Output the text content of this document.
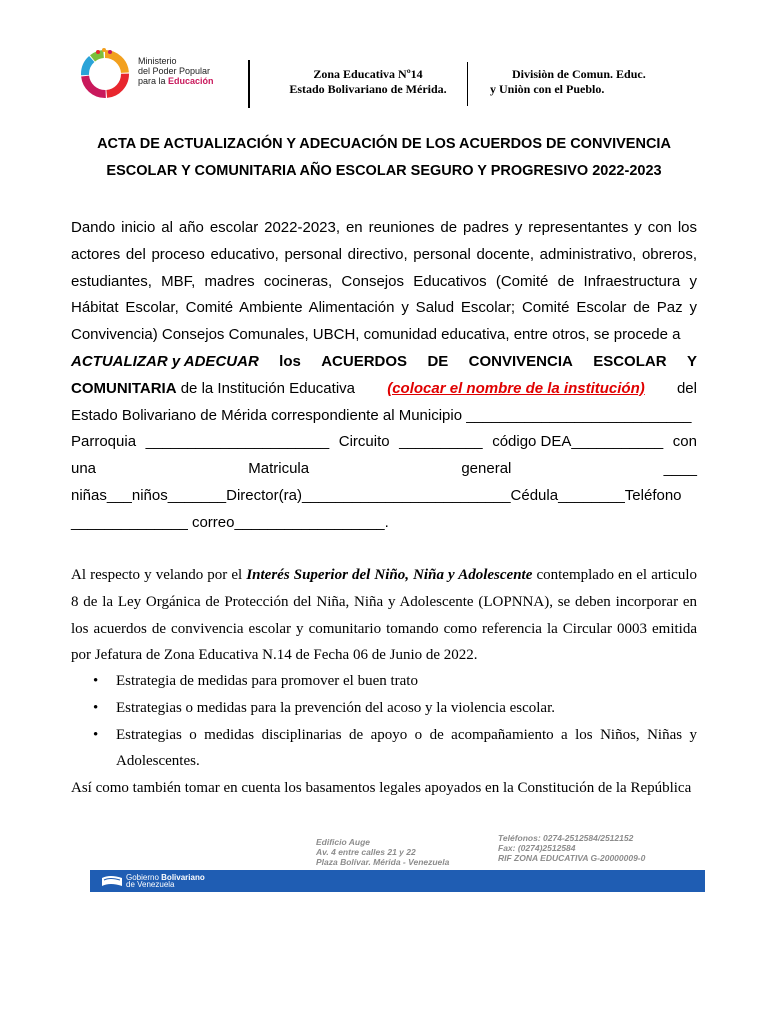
Ministerio
del Poder Popular
para la Educación	Zona Educativa Nº14
Estado Bolivariano de Mérida.
Divisiòn de Comun. Educ.
y Uniòn con el Pueblo.
ACTA DE ACTUALIZACIÓN Y ADECUACIÓN DE LOS ACUERDOS DE CONVIVENCIA
ESCOLAR Y COMUNITARIA AÑO ESCOLAR SEGURO Y PROGRESIVO 2022-2023
Dando inicio al año escolar 2022-2023, en reuniones de padres y representantes y con los actores del proceso educativo, personal directivo, personal docente, administrativo, obreros, estudiantes, MBF, madres cocineras, Consejos Educativos (Comité de Infraestructura y Hábitat Escolar, Comité Ambiente Alimentación y Salud Escolar; Comité Escolar de Paz y Convivencia) Consejos Comunales, UBCH, comunidad educativa, entre otros, se procede a
ACTUALIZAR y ADECUAR los ACUERDOS DE CONVIVENCIA ESCOLAR Y
COMUNITARIA de la Institución Educativa (colocar el nombre de la institución) del
Estado Bolivariano de Mérida correspondiente al Municipio ___________________________
Parroquia ______________________ Circuito __________ código DEA___________ con
una	Matricula	general	____
niñas___niños_______Director(ra)_________________________Cédula________Teléfono
______________ correo__________________.
Al respecto y velando por el Interés Superior del Niño, Niña y Adolescente contemplado en el articulo 8 de la Ley Orgánica de Protección del Niña, Niña y Adolescente (LOPNNA), se deben incorporar en los acuerdos de convivencia escolar y comunitario tomando como referencia la Circular 0003 emitida por Jefatura de Zona Educativa N.14 de Fecha 06 de Junio de 2022.
• Estrategia de medidas para promover el buen trato
• Estrategias o medidas para la prevención del acoso y la violencia escolar.
• Estrategias o medidas disciplinarias de apoyo o de acompañamiento a los Niños, Niñas y Adolescentes.
Así como también tomar en cuenta los basamentos legales apoyados en la Constitución de la República
Edificio Auge
Av. 4 entre calles 21 y 22
Plaza Bolívar. Mérida - Venezuela
Teléfonos: 0274-2512584/2512152
Fax: (0274)2512584
RIF ZONA EDUCATIVA G-20000009-0
Gobierno Bolivariano
de Venezuela
